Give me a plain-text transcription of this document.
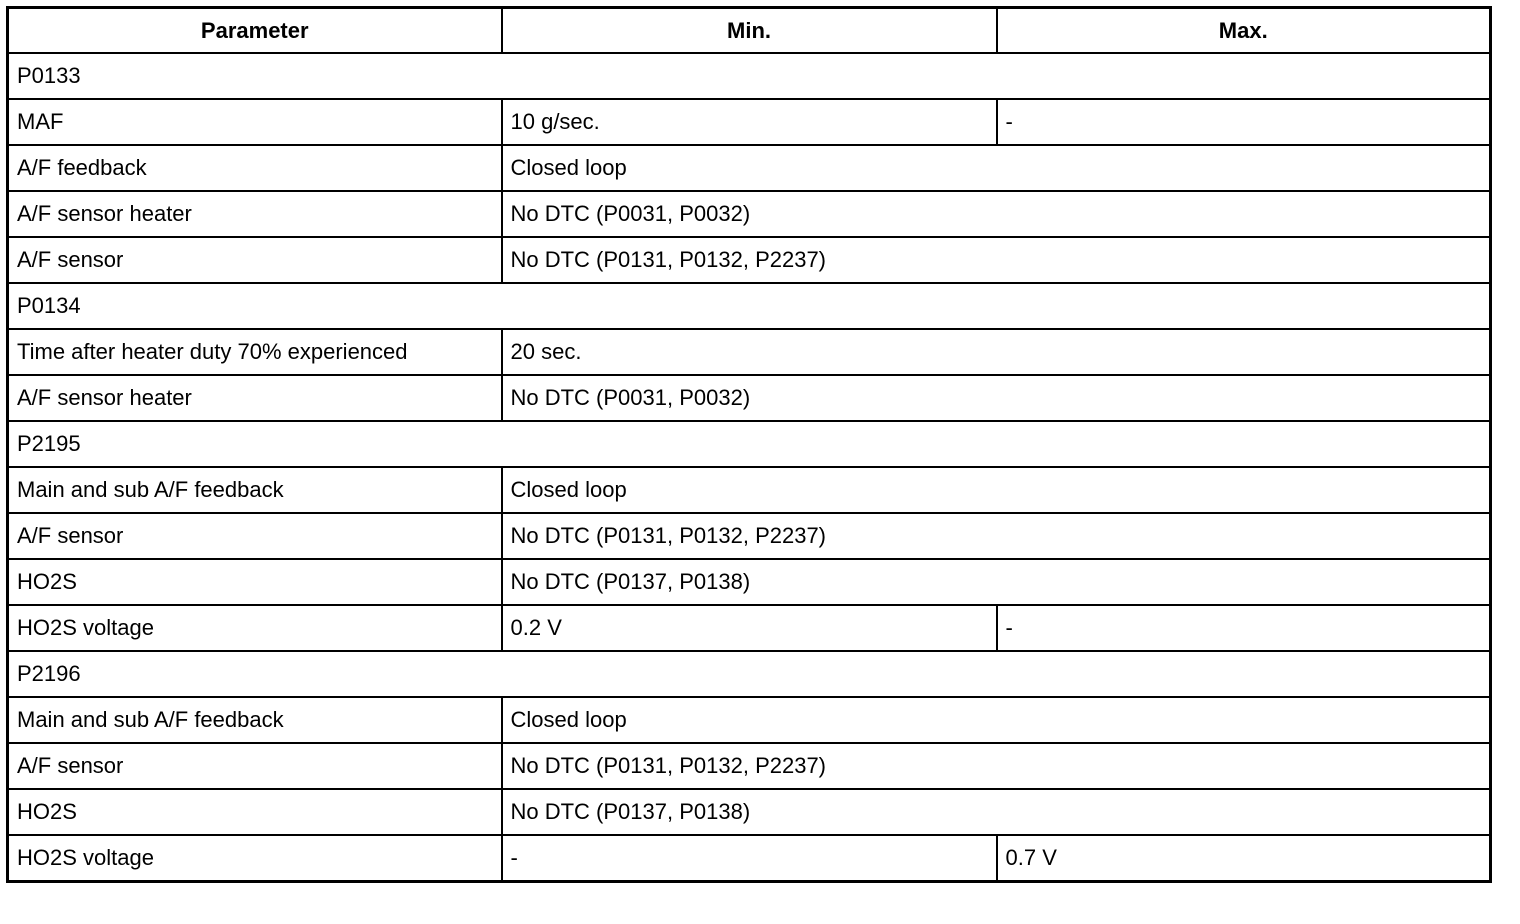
Parameter	Min.	Max.
P0133		
MAF	10 g/sec.	-
A/F feedback	Closed loop	
A/F sensor heater	No DTC (P0031, P0032)	
A/F sensor	No DTC (P0131, P0132, P2237)	
P0134		
Time after heater duty 70% experienced	20 sec.	
A/F sensor heater	No DTC (P0031, P0032)	
P2195		
Main and sub A/F feedback	Closed loop	
A/F sensor	No DTC (P0131, P0132, P2237)	
HO2S	No DTC (P0137, P0138)	
HO2S voltage	0.2 V	-
P2196		
Main and sub A/F feedback	Closed loop	
A/F sensor	No DTC (P0131, P0132, P2237)	
HO2S	No DTC (P0137, P0138)	
HO2S voltage	-	0.7 V
